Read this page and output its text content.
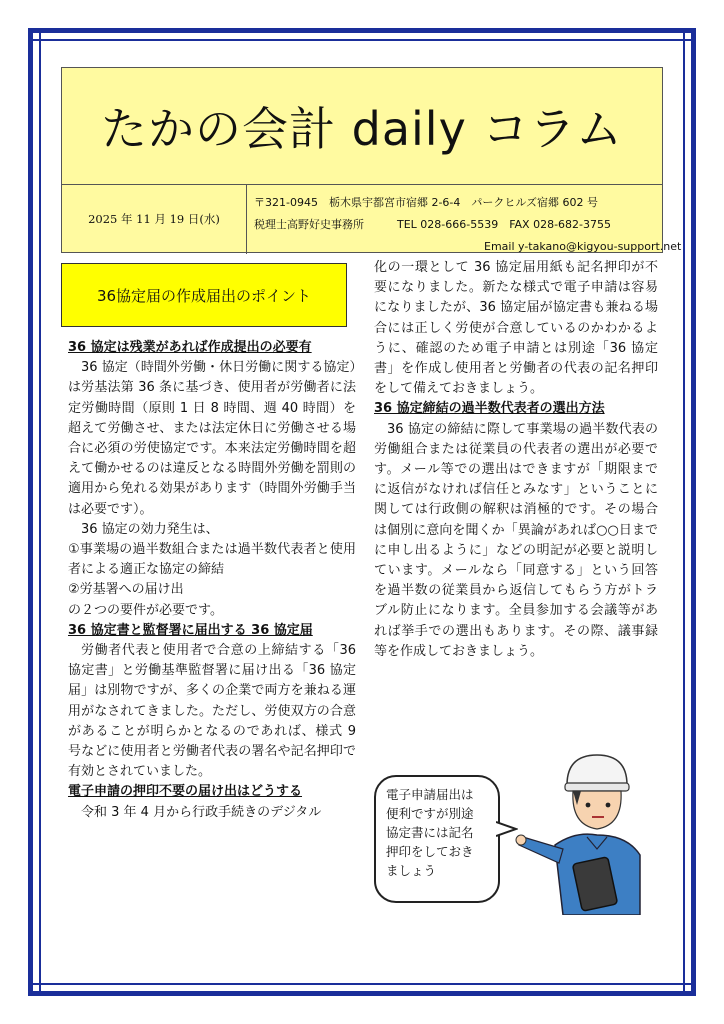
たかの会計 daily コラム
2025 年 11 月 19 日(水)
〒321-0945　栃木県宇都宮市宿郷 2-6-4　パークヒルズ宿郷 602 号
税理士高野好史事務所	TEL 028-666-5539　FAX 028-682-3755
Email y-takano@kigyou-support.net
36協定届の作成届出のポイント

36 協定は残業があれば作成提出の必要有

36 協定（時間外労働・休日労働に関する協定）は労基法第 36 条に基づき、使用者が労働者に法定労働時間（原則 1 日 8 時間、週 40 時間）を超えて労働させ、または法定休日に労働させる場合に必須の労使協定です。本来法定労働時間を超えて働かせるのは違反となる時間外労働を罰則の適用から免れる効果があります（時間外労働手当は必要です）。

36 協定の効力発生は、

①事業場の過半数組合または過半数代表者と使用者による適正な協定の締結

②労基署への届け出

の２つの要件が必要です。

36 協定書と監督署に届出する 36 協定届

労働者代表と使用者で合意の上締結する「36 協定書」と労働基準監督署に届け出る「36 協定届」は別物ですが、多くの企業で両方を兼ねる運用がなされてきました。ただし、労使双方の合意があることが明らかとなるのであれば、様式 9 号などに使用者と労働者代表の署名や記名押印で有効とされていました。

電子申請の押印不要の届け出はどうする

令和 3 年 4 月から行政手続きのデジタル

化の一環として 36 協定届用紙も記名押印が不要になりました。新たな様式で電子申請は容易になりましたが、36 協定届が協定書も兼ねる場合には正しく労使が合意しているのかわかるように、確認のため電子申請とは別途「36 協定書」を作成し使用者と労働者の代表の記名押印をして備えておきましょう。

36 協定締結の過半数代表者の選出方法

36 協定の締結に際して事業場の過半数代表の労働組合または従業員の代表者の選出が必要です。メール等での選出はできますが「期限までに返信がなければ信任とみなす」ということに関しては行政側の解釈は消極的です。その場合は個別に意向を聞くか「異論があれば○○日までに申し出るように」などの明記が必要と説明しています。メールなら「同意する」という回答を過半数の従業員から返信してもらう方がトラブル防止になります。全員参加する会議等があれば挙手での選出もあります。その際、議事録等を作成しておきましょう。

電子申請届出は
便利ですが別途
協定書には記名
押印をしておき
ましょう
